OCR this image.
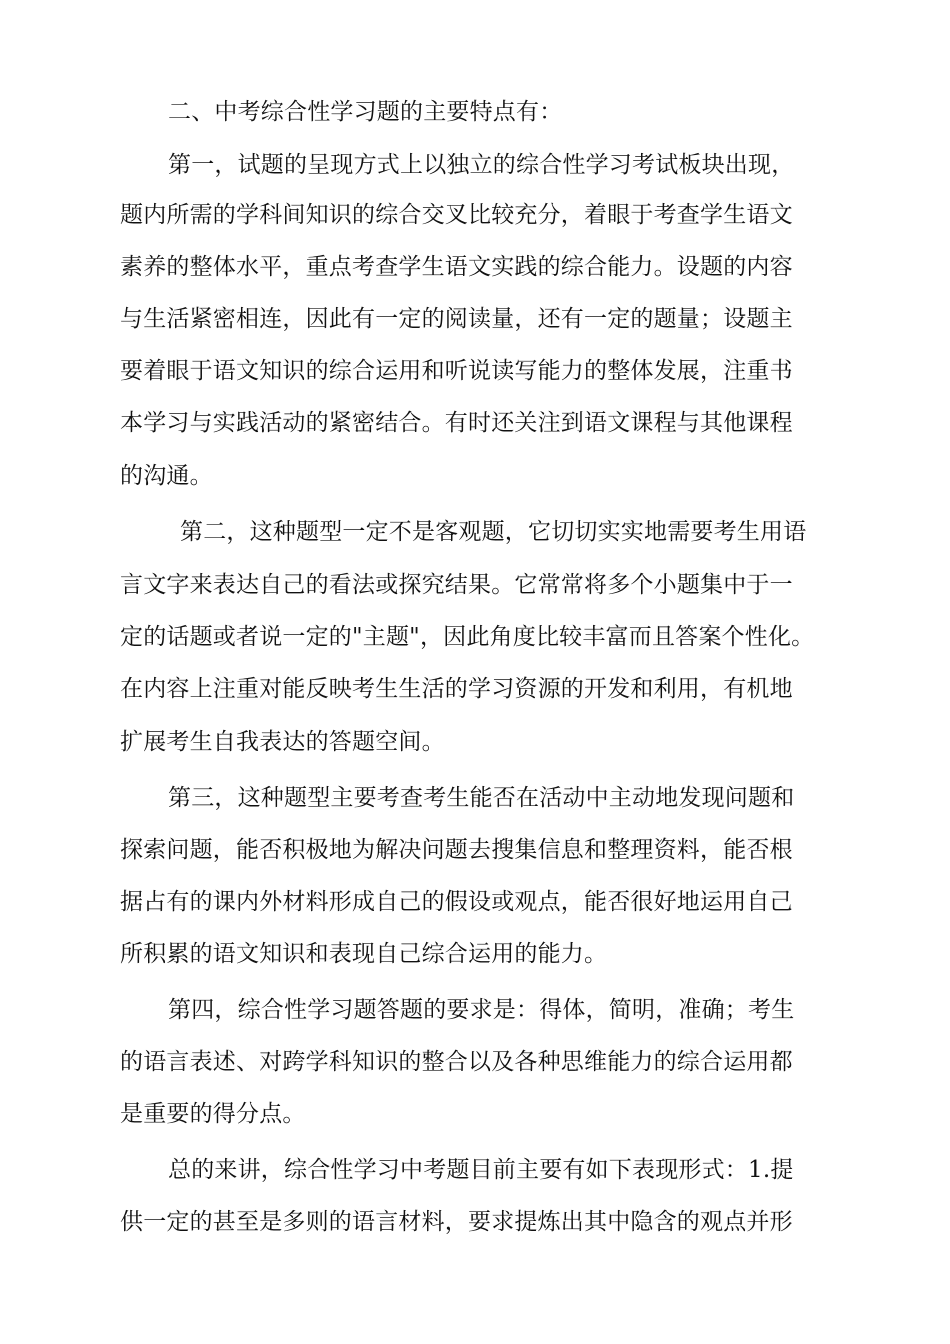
二、中考综合性学习题的主要特点有：

第一，试题的呈现方式上以独立的综合性学习考试板块出现，

题内所需的学科间知识的综合交叉比较充分，着眼于考查学生语文

素养的整体水平，重点考查学生语文实践的综合能力。设题的内容

与生活紧密相连，因此有一定的阅读量，还有一定的题量；设题主

要着眼于语文知识的综合运用和听说读写能力的整体发展，注重书

本学习与实践活动的紧密结合。有时还关注到语文课程与其他课程

的沟通。

第二，这种题型一定不是客观题，它切切实实地需要考生用语

言文字来表达自己的看法或探究结果。它常常将多个小题集中于一

定的话题或者说一定的"主题"，因此角度比较丰富而且答案个性化。

在内容上注重对能反映考生生活的学习资源的开发和利用，有机地

扩展考生自我表达的答题空间。

第三，这种题型主要考查考生能否在活动中主动地发现问题和

探索问题，能否积极地为解决问题去搜集信息和整理资料，能否根

据占有的课内外材料形成自己的假设或观点，能否很好地运用自己

所积累的语文知识和表现自己综合运用的能力。

第四，综合性学习题答题的要求是：得体，简明，准确；考生

的语言表述、对跨学科知识的整合以及各种思维能力的综合运用都

是重要的得分点。

总的来讲，综合性学习中考题目前主要有如下表现形式：1.提

供一定的甚至是多则的语言材料，要求提炼出其中隐含的观点并形
